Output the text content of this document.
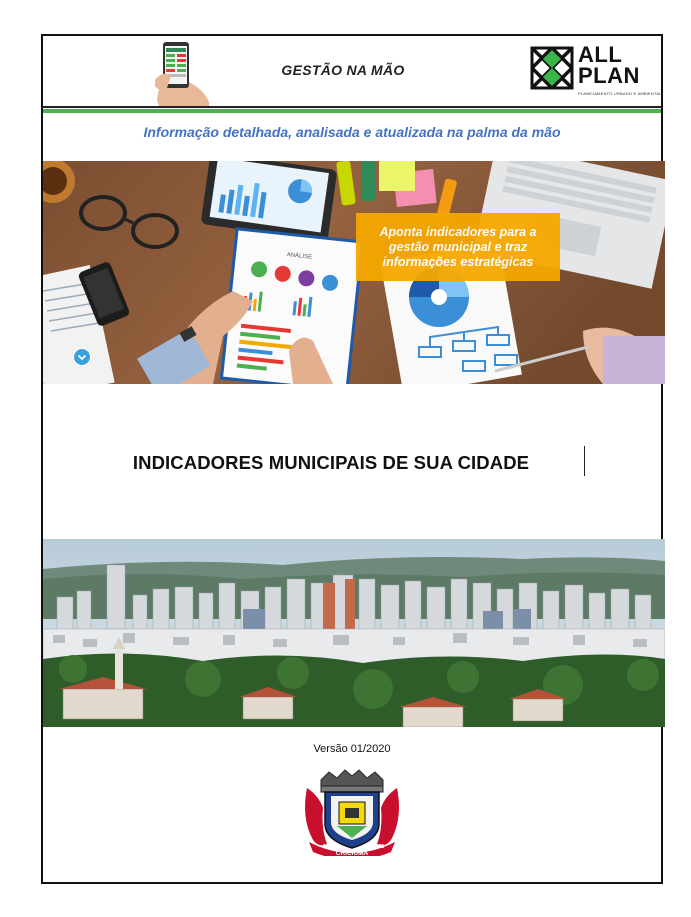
GESTÃO NA MÃO
ALL
PLAN
PLANEJAMENTO URBANO E AMBIENTAL
Informação detalhada, analisada e atualizada na palma da mão
ANÁLISE
Aponta indicadores para a gestão municipal e traz informações estratégicas
INDICADORES MUNICIPAIS DE SUA CIDADE
Versão 01/2020
1880	1925
CRICIÚMA
